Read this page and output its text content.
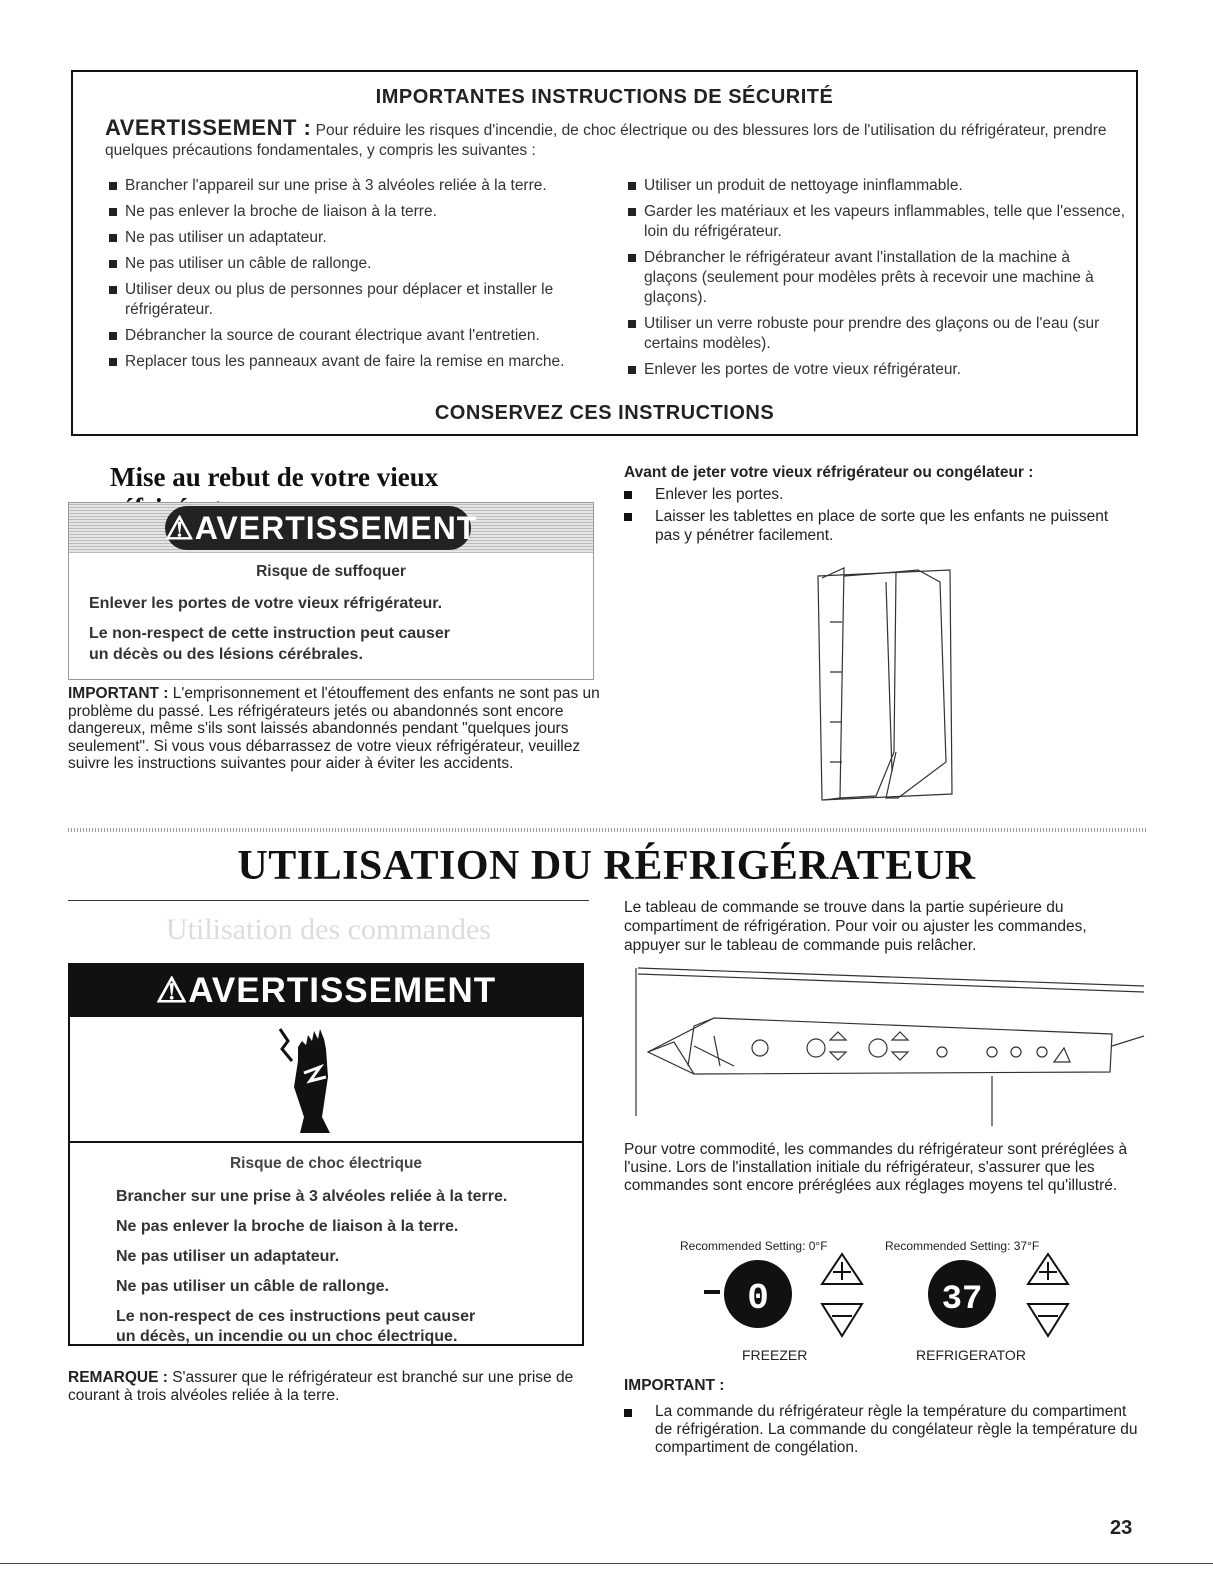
IMPORTANTES INSTRUCTIONS DE SÉCURITÉ
AVERTISSEMENT : Pour réduire les risques d'incendie, de choc électrique ou des blessures lors de l'utilisation du réfrigérateur, prendre quelques précautions fondamentales, y compris les suivantes :
Brancher l'appareil sur une prise à 3 alvéoles reliée à la terre.
Ne pas enlever la broche de liaison à la terre.
Ne pas utiliser un adaptateur.
Ne pas utiliser un câble de rallonge.
Utiliser deux ou plus de personnes pour déplacer et installer le réfrigérateur.
Débrancher la source de courant électrique avant l'entretien.
Replacer tous les panneaux avant de faire la remise en marche.
Utiliser un produit de nettoyage ininflammable.
Garder les matériaux et les vapeurs inflammables, telle que l'essence, loin du réfrigérateur.
Débrancher le réfrigérateur avant l'installation de la machine à glaçons (seulement pour modèles prêts à recevoir une machine à glaçons).
Utiliser un verre robuste pour prendre des glaçons ou de l'eau (sur certains modèles).
Enlever les portes de votre vieux réfrigérateur.
CONSERVEZ CES INSTRUCTIONS
Mise au rebut de votre vieux
⚠AVERTISSEMENT
Risque de suffoquer
Enlever les portes de votre vieux réfrigérateur.
Le non-respect de cette instruction peut causer
un décès ou des lésions cérébrales.
IMPORTANT : L'emprisonnement et l'étouffement des enfants ne sont pas un problème du passé. Les réfrigérateurs jetés ou abandonnés sont encore dangereux, même s'ils sont laissés abandonnés pendant "quelques jours seulement". Si vous vous débarrassez de votre vieux réfrigérateur, veuillez suivre les instructions suivantes pour aider à éviter les accidents.
Avant de jeter votre vieux réfrigérateur ou congélateur :
Enlever les portes.
Laisser les tablettes en place de sorte que les enfants ne puissent pas y pénétrer facilement.
UTILISATION DU RÉFRIGÉRATEUR
Utilisation des commandes
⚠AVERTISSEMENT
Risque de choc électrique
Brancher sur une prise à 3 alvéoles reliée à la terre.
Ne pas enlever la broche de liaison à la terre.
Ne pas utiliser un adaptateur.
Ne pas utiliser un câble de rallonge.
Le non-respect de ces instructions peut causer
un décès, un incendie ou un choc électrique.
REMARQUE : S'assurer que le réfrigérateur est branché sur une prise de courant à trois alvéoles reliée à la terre.
Le tableau de commande se trouve dans la partie supérieure du compartiment de réfrigération. Pour voir ou ajuster les commandes, appuyer sur le tableau de commande puis relâcher.
Pour votre commodité, les commandes du réfrigérateur sont préréglées à l'usine. Lors de l'installation initiale du réfrigérateur, s'assurer que les commandes sont encore préréglées aux réglages moyens tel qu'illustré.
Recommended Setting: 0°F	Recommended Setting: 37°F
0	37
FREEZER	REFRIGERATOR
IMPORTANT :
La commande du réfrigérateur règle la température du compartiment de réfrigération. La commande du congélateur règle la température du compartiment de congélation.
23
